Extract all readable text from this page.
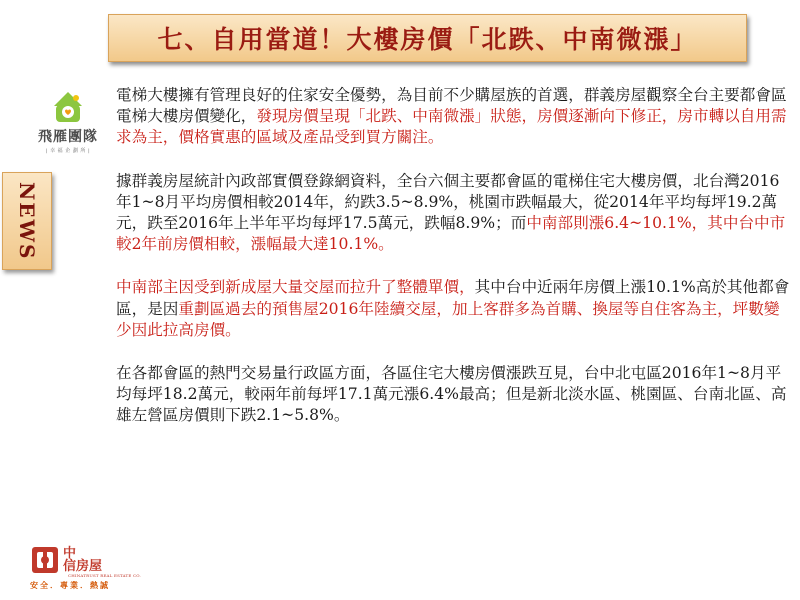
七、自用當道！大樓房價「北跌、中南微漲」
飛雁團隊
| 幸 福 企 劃 所 |
NEWS

電梯大樓擁有管理良好的住家安全優勢，為目前不少購屋族的首選，群義房屋觀察全台主要都會區電梯大樓房價變化，發現房價呈現「北跌、中南微漲」狀態，房價逐漸向下修正，房市轉以自用需求為主，價格實惠的區域及產品受到買方關注。

據群義房屋統計內政部實價登錄網資料，全台六個主要都會區的電梯住宅大樓房價，北台灣2016年1~8月平均房價相較2014年，約跌3.5~8.9%，桃園市跌幅最大，從2014年平均每坪19.2萬元，跌至2016年上半年平均每坪17.5萬元，跌幅8.9%；而中南部則漲6.4~10.1%，其中台中市較2年前房價相較，漲幅最大達10.1%。

中南部主因受到新成屋大量交屋而拉升了整體單價，其中台中近兩年房價上漲10.1%高於其他都會區，是因重劃區過去的預售屋2016年陸續交屋，加上客群多為首購、換屋等自住客為主，坪數變少因此拉高房價。

在各都會區的熱門交易量行政區方面，各區住宅大樓房價漲跌互見，台中北屯區2016年1~8月平均每坪18.2萬元，較兩年前每坪17.1萬元漲6.4%最高；但是新北淡水區、桃園區、台南北區、高雄左營區房價則下跌2.1~5.8%。

中
信房屋
CHINATRUST REAL ESTATE CO.
安全．專業．熱誠
